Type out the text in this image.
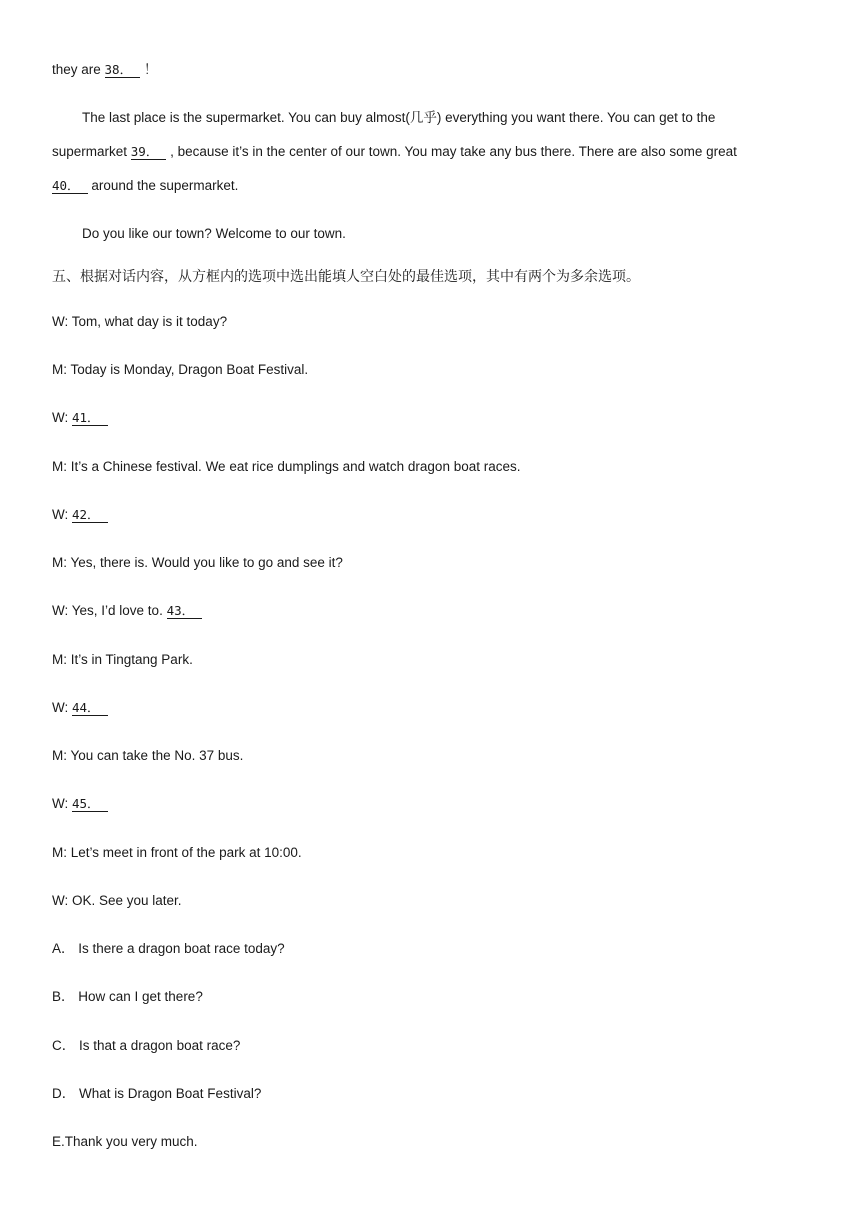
they are 38． ！
The last place is the supermarket. You can buy almost(几乎) everything you want there. You can get to the
supermarket 39． , because it’s in the center of our town. You may take any bus there. There are also some great
40． around the supermarket.
Do you like our town? Welcome to our town.
五、根据对话内容，从方框内的选项中选出能填人空白处的最佳选项，其中有两个为多余选项。
W: Tom, what day is it today?
M: Today is Monday, Dragon Boat Festival.
W: 41．
M: It’s a Chinese festival. We eat rice dumplings and watch dragon boat races.
W: 42．
M: Yes, there is. Would you like to go and see it?
W: Yes, I’d love to. 43．
M: It’s in Tingtang Park.
W: 44．
M: You can take the No. 37 bus.
W: 45．
M: Let’s meet in front of the park at 10:00.
W: OK. See you later.
A． Is there a dragon boat race today?
B． How can I get there?
C． Is that a dragon boat race?
D． What is Dragon Boat Festival?
E.Thank you very much.
